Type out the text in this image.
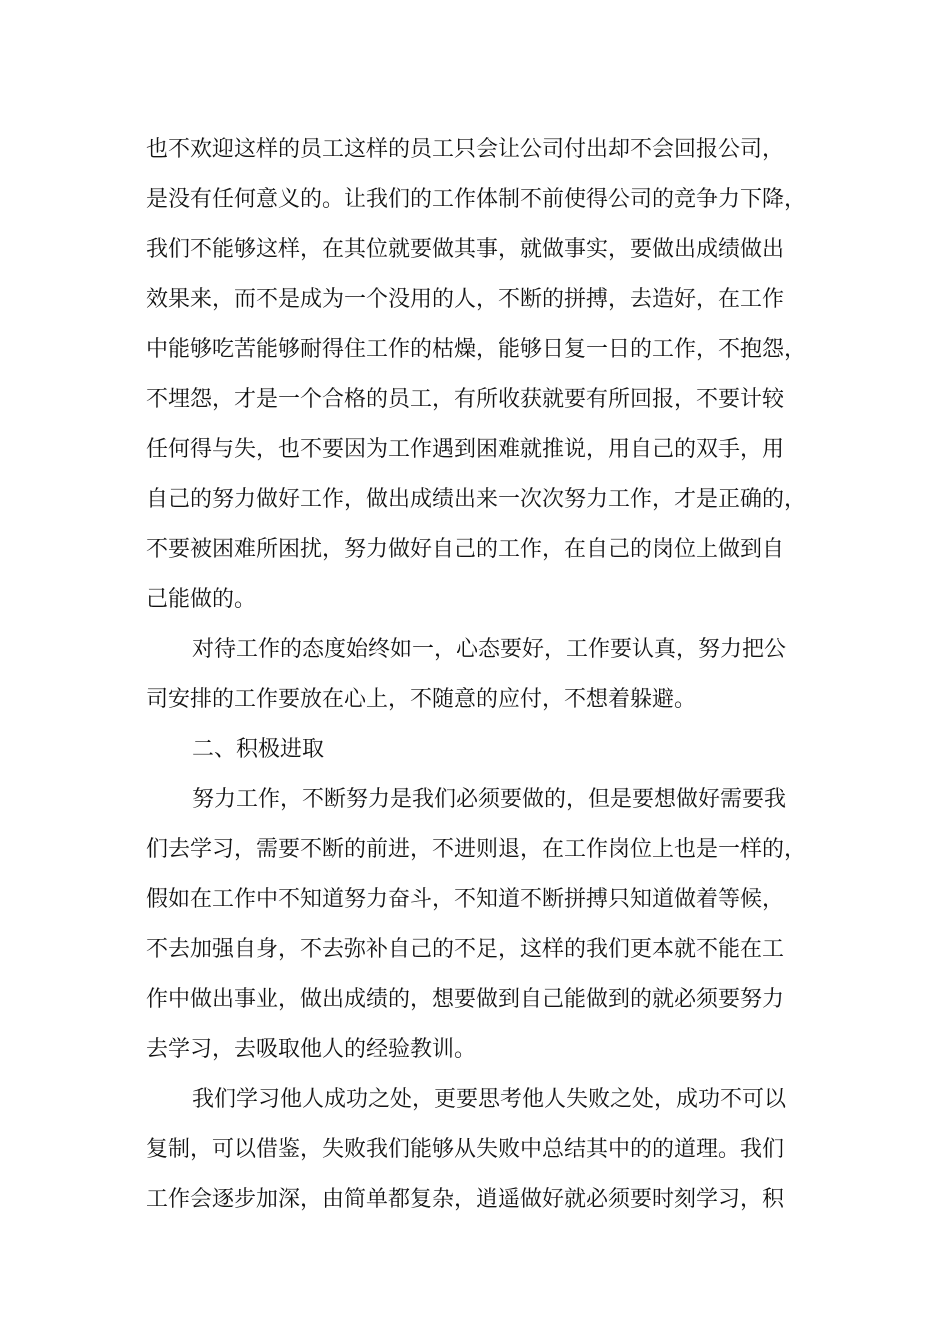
也不欢迎这样的员工这样的员工只会让公司付出却不会回报公司，
是没有任何意义的。让我们的工作体制不前使得公司的竞争力下降，
我们不能够这样，在其位就要做其事，就做事实，要做出成绩做出
效果来，而不是成为一个没用的人，不断的拼搏，去造好，在工作
中能够吃苦能够耐得住工作的枯燥，能够日复一日的工作，不抱怨，
不埋怨，才是一个合格的员工，有所收获就要有所回报，不要计较
任何得与失，也不要因为工作遇到困难就推说，用自己的双手，用
自己的努力做好工作，做出成绩出来一次次努力工作，才是正确的，
不要被困难所困扰，努力做好自己的工作，在自己的岗位上做到自
己能做的。
对待工作的态度始终如一，心态要好，工作要认真，努力把公
司安排的工作要放在心上，不随意的应付，不想着躲避。
二、积极进取
努力工作，不断努力是我们必须要做的，但是要想做好需要我
们去学习，需要不断的前进，不进则退，在工作岗位上也是一样的，
假如在工作中不知道努力奋斗，不知道不断拼搏只知道做着等候，
不去加强自身，不去弥补自己的不足，这样的我们更本就不能在工
作中做出事业，做出成绩的，想要做到自己能做到的就必须要努力
去学习，去吸取他人的经验教训。
我们学习他人成功之处，更要思考他人失败之处，成功不可以
复制，可以借鉴，失败我们能够从失败中总结其中的的道理。我们
工作会逐步加深，由简单都复杂，逍遥做好就必须要时刻学习，积
